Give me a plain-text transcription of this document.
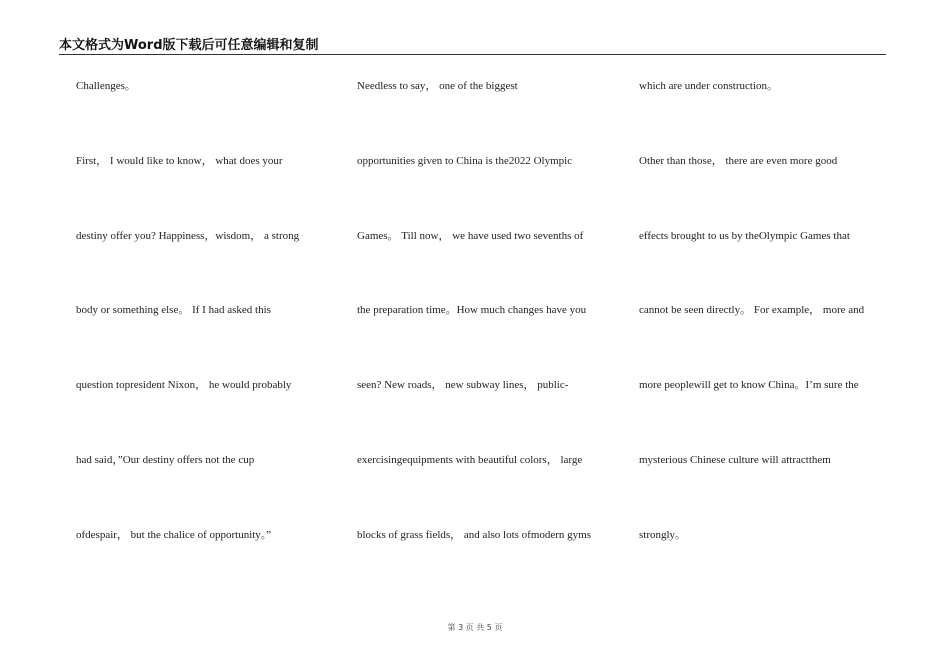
本文格式为Word版下载后可任意编辑和复制
Challenges。
First， I would like to know， what does your
destiny offer you? Happiness，wisdom， a strong
body or something else。 If I had asked this
question topresident Nixon， he would probably
had said，”Our destiny offers not the cup
ofdespair， but the chalice of opportunity。”
Needless to say， one of the biggest
opportunities given to China is the2022 Olympic
Games。 Till now， we have used two sevenths of
the preparation time。How much changes have you
seen? New roads， new subway lines， public-
exercisingequipments with beautiful colors， large
blocks of grass fields， and also lots ofmodern gyms
which are under construction。
Other than those， there are even more good
effects brought to us by theOlympic Games that
cannot be seen directly。 For example， more and
more peoplewill get to know China。I’m sure the
mysterious Chinese culture will attractthem
strongly。
第 3 页 共 5 页
